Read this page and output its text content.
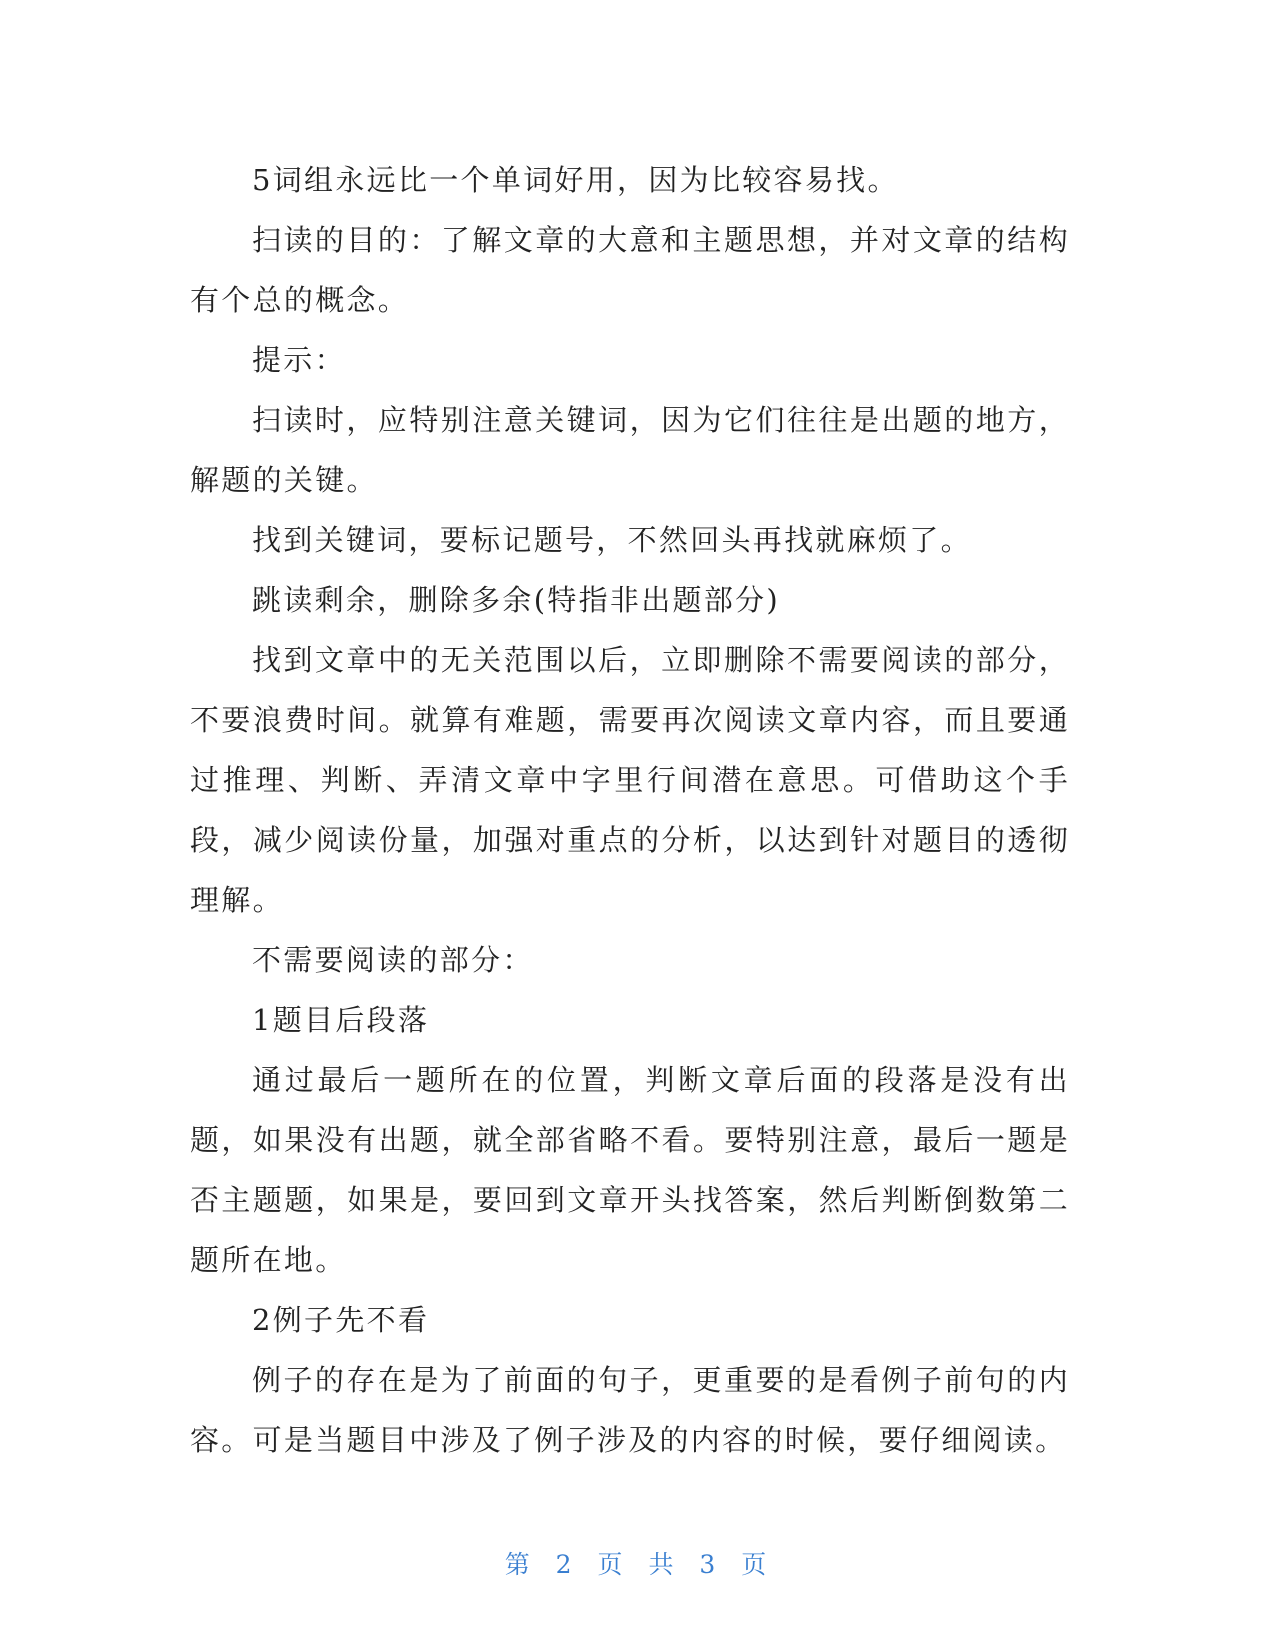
5词组永远比一个单词好用，因为比较容易找。

扫读的目的：了解文章的大意和主题思想，并对文章的结构有个总的概念。

提示：

扫读时，应特别注意关键词，因为它们往往是出题的地方，解题的关键。

找到关键词，要标记题号，不然回头再找就麻烦了。

跳读剩余，删除多余(特指非出题部分)

找到文章中的无关范围以后，立即删除不需要阅读的部分，不要浪费时间。就算有难题，需要再次阅读文章内容，而且要通过推理、判断、弄清文章中字里行间潜在意思。可借助这个手段，减少阅读份量，加强对重点的分析，以达到针对题目的透彻理解。

不需要阅读的部分：

1题目后段落

通过最后一题所在的位置，判断文章后面的段落是没有出题，如果没有出题，就全部省略不看。要特别注意，最后一题是否主题题，如果是，要回到文章开头找答案，然后判断倒数第二题所在地。

2例子先不看

例子的存在是为了前面的句子，更重要的是看例子前句的内容。可是当题目中涉及了例子涉及的内容的时候，要仔细阅读。

第 2 页 共 3 页
